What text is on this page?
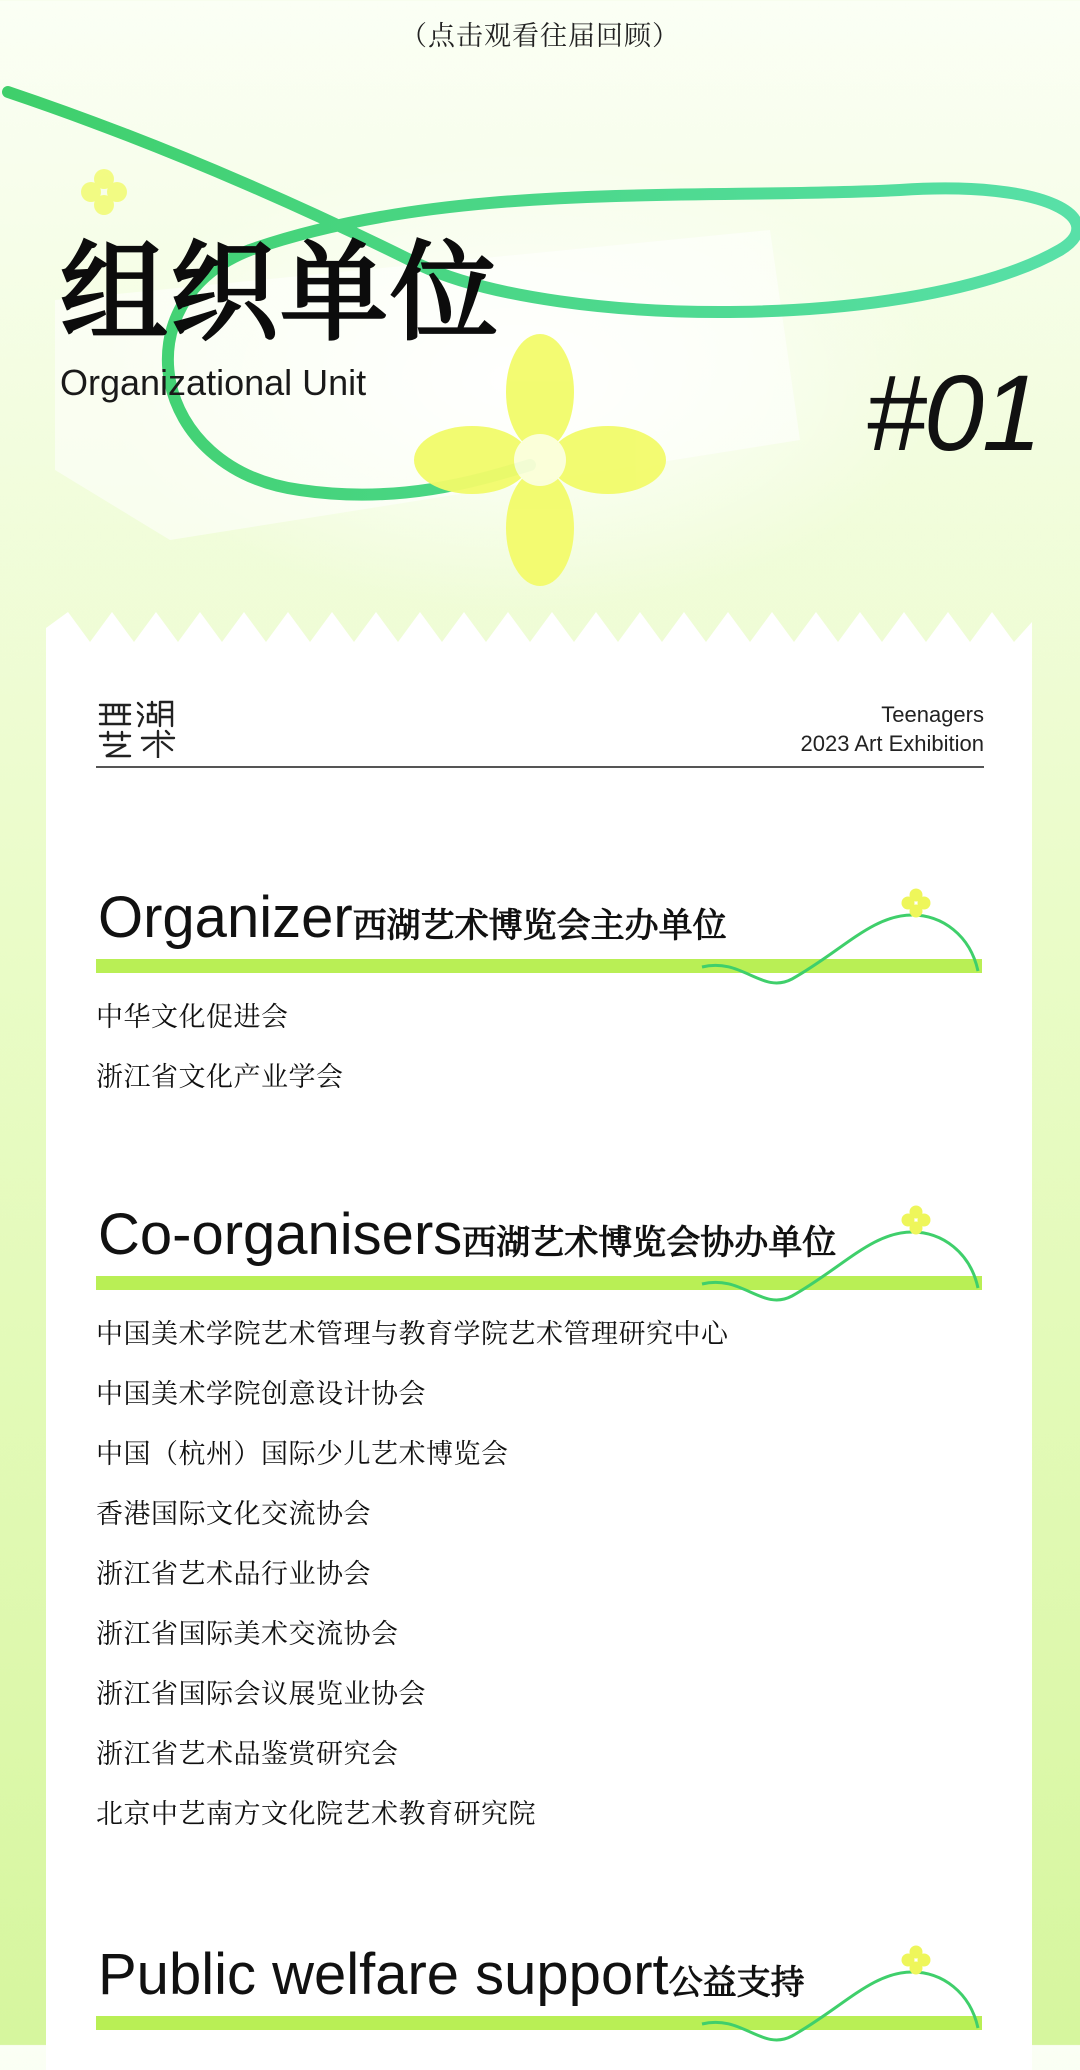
（点击观看往届回顾）
组织单位
Organizational Unit	#01
Teenagers
2023 Art Exhibition
Organizer西湖艺术博览会主办单位
中华文化促进会
浙江省文化产业学会
Co-organisers西湖艺术博览会协办单位
中国美术学院艺术管理与教育学院艺术管理研究中心
中国美术学院创意设计协会
中国（杭州）国际少儿艺术博览会
香港国际文化交流协会
浙江省艺术品行业协会
浙江省国际美术交流协会
浙江省国际会议展览业协会
浙江省艺术品鉴赏研究会
北京中艺南方文化院艺术教育研究院
Public welfare support公益支持
